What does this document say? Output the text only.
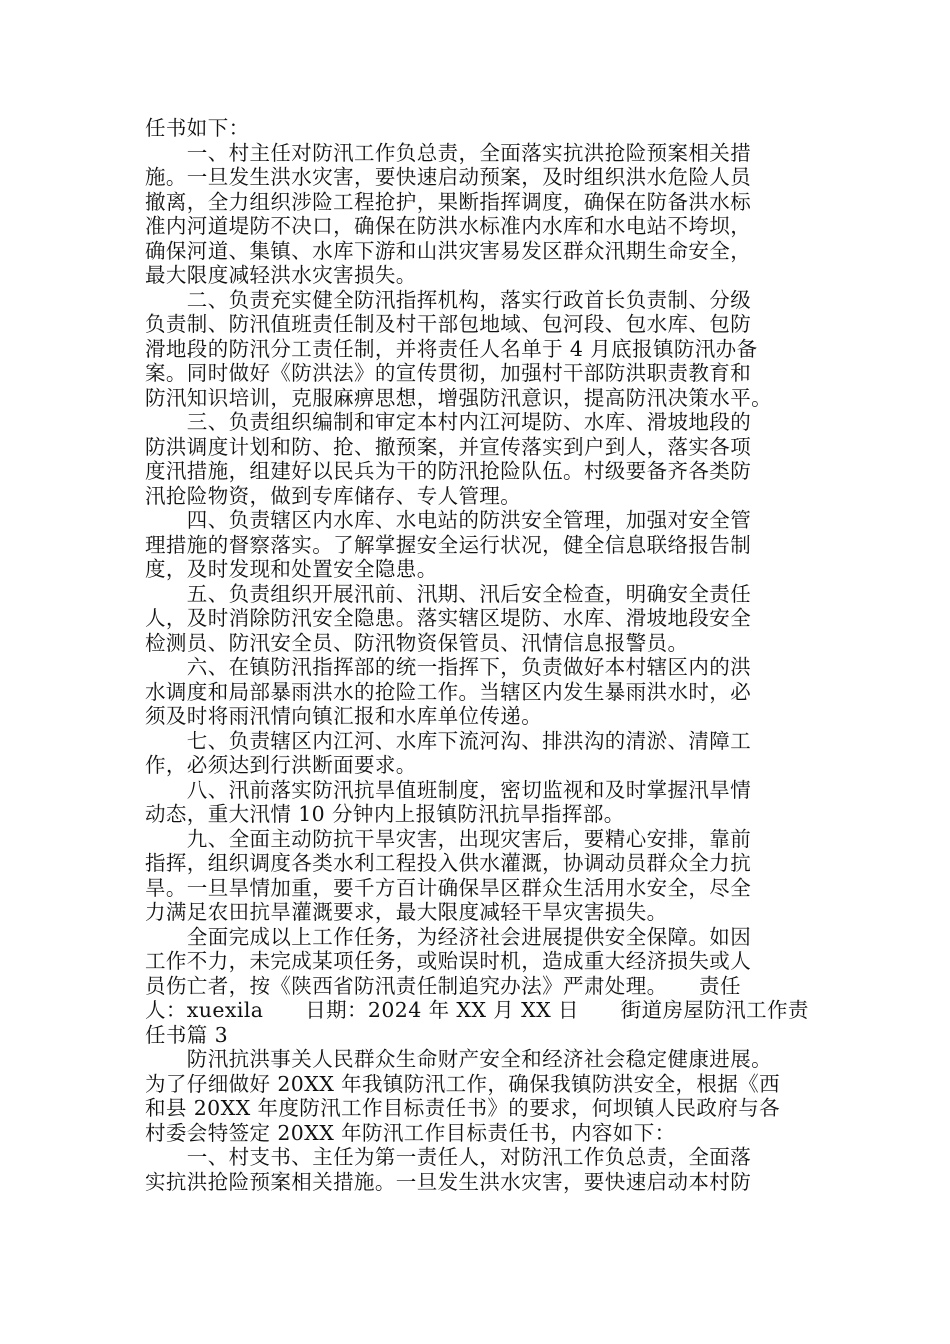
任书如下：
　　一、村主任对防汛工作负总责，全面落实抗洪抢险预案相关措
施。一旦发生洪水灾害，要快速启动预案，及时组织洪水危险人员
撤离，全力组织涉险工程抢护，果断指挥调度，确保在防备洪水标
准内河道堤防不决口，确保在防洪水标准内水库和水电站不垮坝，
确保河道、集镇、水库下游和山洪灾害易发区群众汛期生命安全，
最大限度减轻洪水灾害损失。
　　二、负责充实健全防汛指挥机构，落实行政首长负责制、分级
负责制、防汛值班责任制及村干部包地域、包河段、包水库、包防
滑地段的防汛分工责任制，并将责任人名单于 4 月底报镇防汛办备
案。同时做好《防洪法》的宣传贯彻，加强村干部防洪职责教育和
防汛知识培训，克服麻痹思想，增强防汛意识，提高防汛决策水平。
　　三、负责组织编制和审定本村内江河堤防、水库、滑坡地段的
防洪调度计划和防、抢、撤预案，并宣传落实到户到人，落实各项
度汛措施，组建好以民兵为干的防汛抢险队伍。村级要备齐各类防
汛抢险物资，做到专库储存、专人管理。
　　四、负责辖区内水库、水电站的防洪安全管理，加强对安全管
理措施的督察落实。了解掌握安全运行状况，健全信息联络报告制
度，及时发现和处置安全隐患。
　　五、负责组织开展汛前、汛期、汛后安全检查，明确安全责任
人，及时消除防汛安全隐患。落实辖区堤防、水库、滑坡地段安全
检测员、防汛安全员、防汛物资保管员、汛情信息报警员。
　　六、在镇防汛指挥部的统一指挥下，负责做好本村辖区内的洪
水调度和局部暴雨洪水的抢险工作。当辖区内发生暴雨洪水时，必
须及时将雨汛情向镇汇报和水库单位传递。
　　七、负责辖区内江河、水库下流河沟、排洪沟的清淤、清障工
作，必须达到行洪断面要求。
　　八、汛前落实防汛抗旱值班制度，密切监视和及时掌握汛旱情
动态，重大汛情 10 分钟内上报镇防汛抗旱指挥部。
　　九、全面主动防抗干旱灾害，出现灾害后，要精心安排，靠前
指挥，组织调度各类水利工程投入供水灌溉，协调动员群众全力抗
旱。一旦旱情加重，要千方百计确保旱区群众生活用水安全，尽全
力满足农田抗旱灌溉要求，最大限度减轻干旱灾害损失。
　　全面完成以上工作任务，为经济社会进展提供安全保障。如因
工作不力，未完成某项任务，或贻误时机，造成重大经济损失或人
员伤亡者，按《陕西省防汛责任制追究办法》严肃处理。　　责任
人：xuexila　　日期：2024 年 XX 月 XX 日　　街道房屋防汛工作责
任书篇 3
　　防汛抗洪事关人民群众生命财产安全和经济社会稳定健康进展。
为了仔细做好 20XX 年我镇防汛工作，确保我镇防洪安全，根据《西
和县 20XX 年度防汛工作目标责任书》的要求，何坝镇人民政府与各
村委会特签定 20XX 年防汛工作目标责任书，内容如下：
　　一、村支书、主任为第一责任人，对防汛工作负总责，全面落
实抗洪抢险预案相关措施。一旦发生洪水灾害，要快速启动本村防
